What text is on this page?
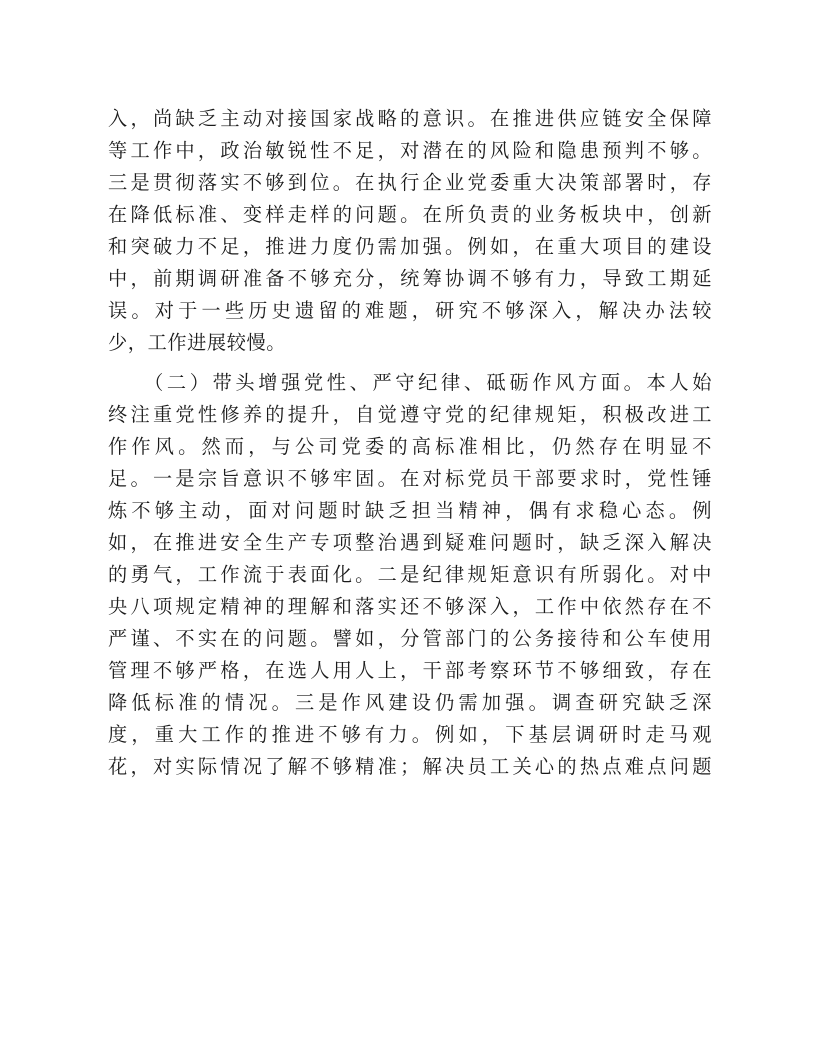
入，尚缺乏主动对接国家战略的意识。在推进供应链安全保障
等工作中，政治敏锐性不足，对潜在的风险和隐患预判不够。
三是贯彻落实不够到位。在执行企业党委重大决策部署时，存
在降低标准、变样走样的问题。在所负责的业务板块中，创新
和突破力不足，推进力度仍需加强。例如，在重大项目的建设
中，前期调研准备不够充分，统筹协调不够有力，导致工期延
误。对于一些历史遗留的难题，研究不够深入，解决办法较
少，工作进展较慢。
　　（二）带头增强党性、严守纪律、砥砺作风方面。本人始
终注重党性修养的提升，自觉遵守党的纪律规矩，积极改进工
作作风。然而，与公司党委的高标准相比，仍然存在明显不
足。一是宗旨意识不够牢固。在对标党员干部要求时，党性锤
炼不够主动，面对问题时缺乏担当精神，偶有求稳心态。例
如，在推进安全生产专项整治遇到疑难问题时，缺乏深入解决
的勇气，工作流于表面化。二是纪律规矩意识有所弱化。对中
央八项规定精神的理解和落实还不够深入，工作中依然存在不
严谨、不实在的问题。譬如，分管部门的公务接待和公车使用
管理不够严格，在选人用人上，干部考察环节不够细致，存在
降低标准的情况。三是作风建设仍需加强。调查研究缺乏深
度，重大工作的推进不够有力。例如，下基层调研时走马观
花，对实际情况了解不够精准；解决员工关心的热点难点问题
